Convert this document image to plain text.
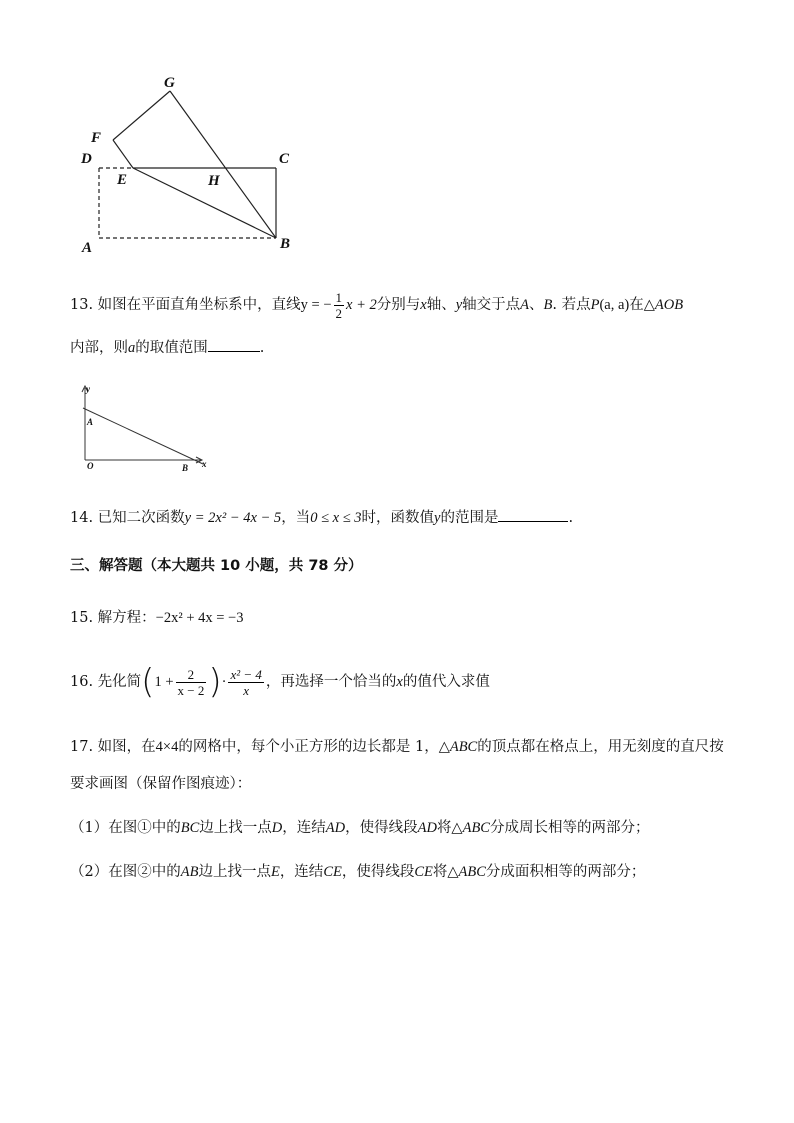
G
F
D	C
E	H
A	B
13. 如图在平面直角坐标系中，直线y = − $\frac{1}{2}$ x + 2分别与x轴、y轴交于点A、B. 若点P(a, a)在△AOB
内部，则a的取值范围	.
y
A
O	B x
14. 已知二次函数y = 2x² − 4x − 5，当0 ≤ x ≤ 3时，函数值y的范围是	.
三、解答题（本大题共 10 小题，共 78 分）
15. 解方程：−2x² + 4x = −3
16. 先化简($1 + \frac{2}{x - 2}$ )· $\frac{\text{x² − 4}}{x}$ ，再选择一个恰当的x的值代入求值
17. 如图，在4×4的网格中，每个小正方形的边长都是 1，△ABC的顶点都在格点上，用无刻度的直尺按
要求画图（保留作图痕迹）：
（1）在图①中的BC边上找一点D，连结AD，使得线段AD将△ABC分成周长相等的两部分；
（2）在图②中的AB边上找一点E，连结CE，使得线段CE将△ABC分成面积相等的两部分；
